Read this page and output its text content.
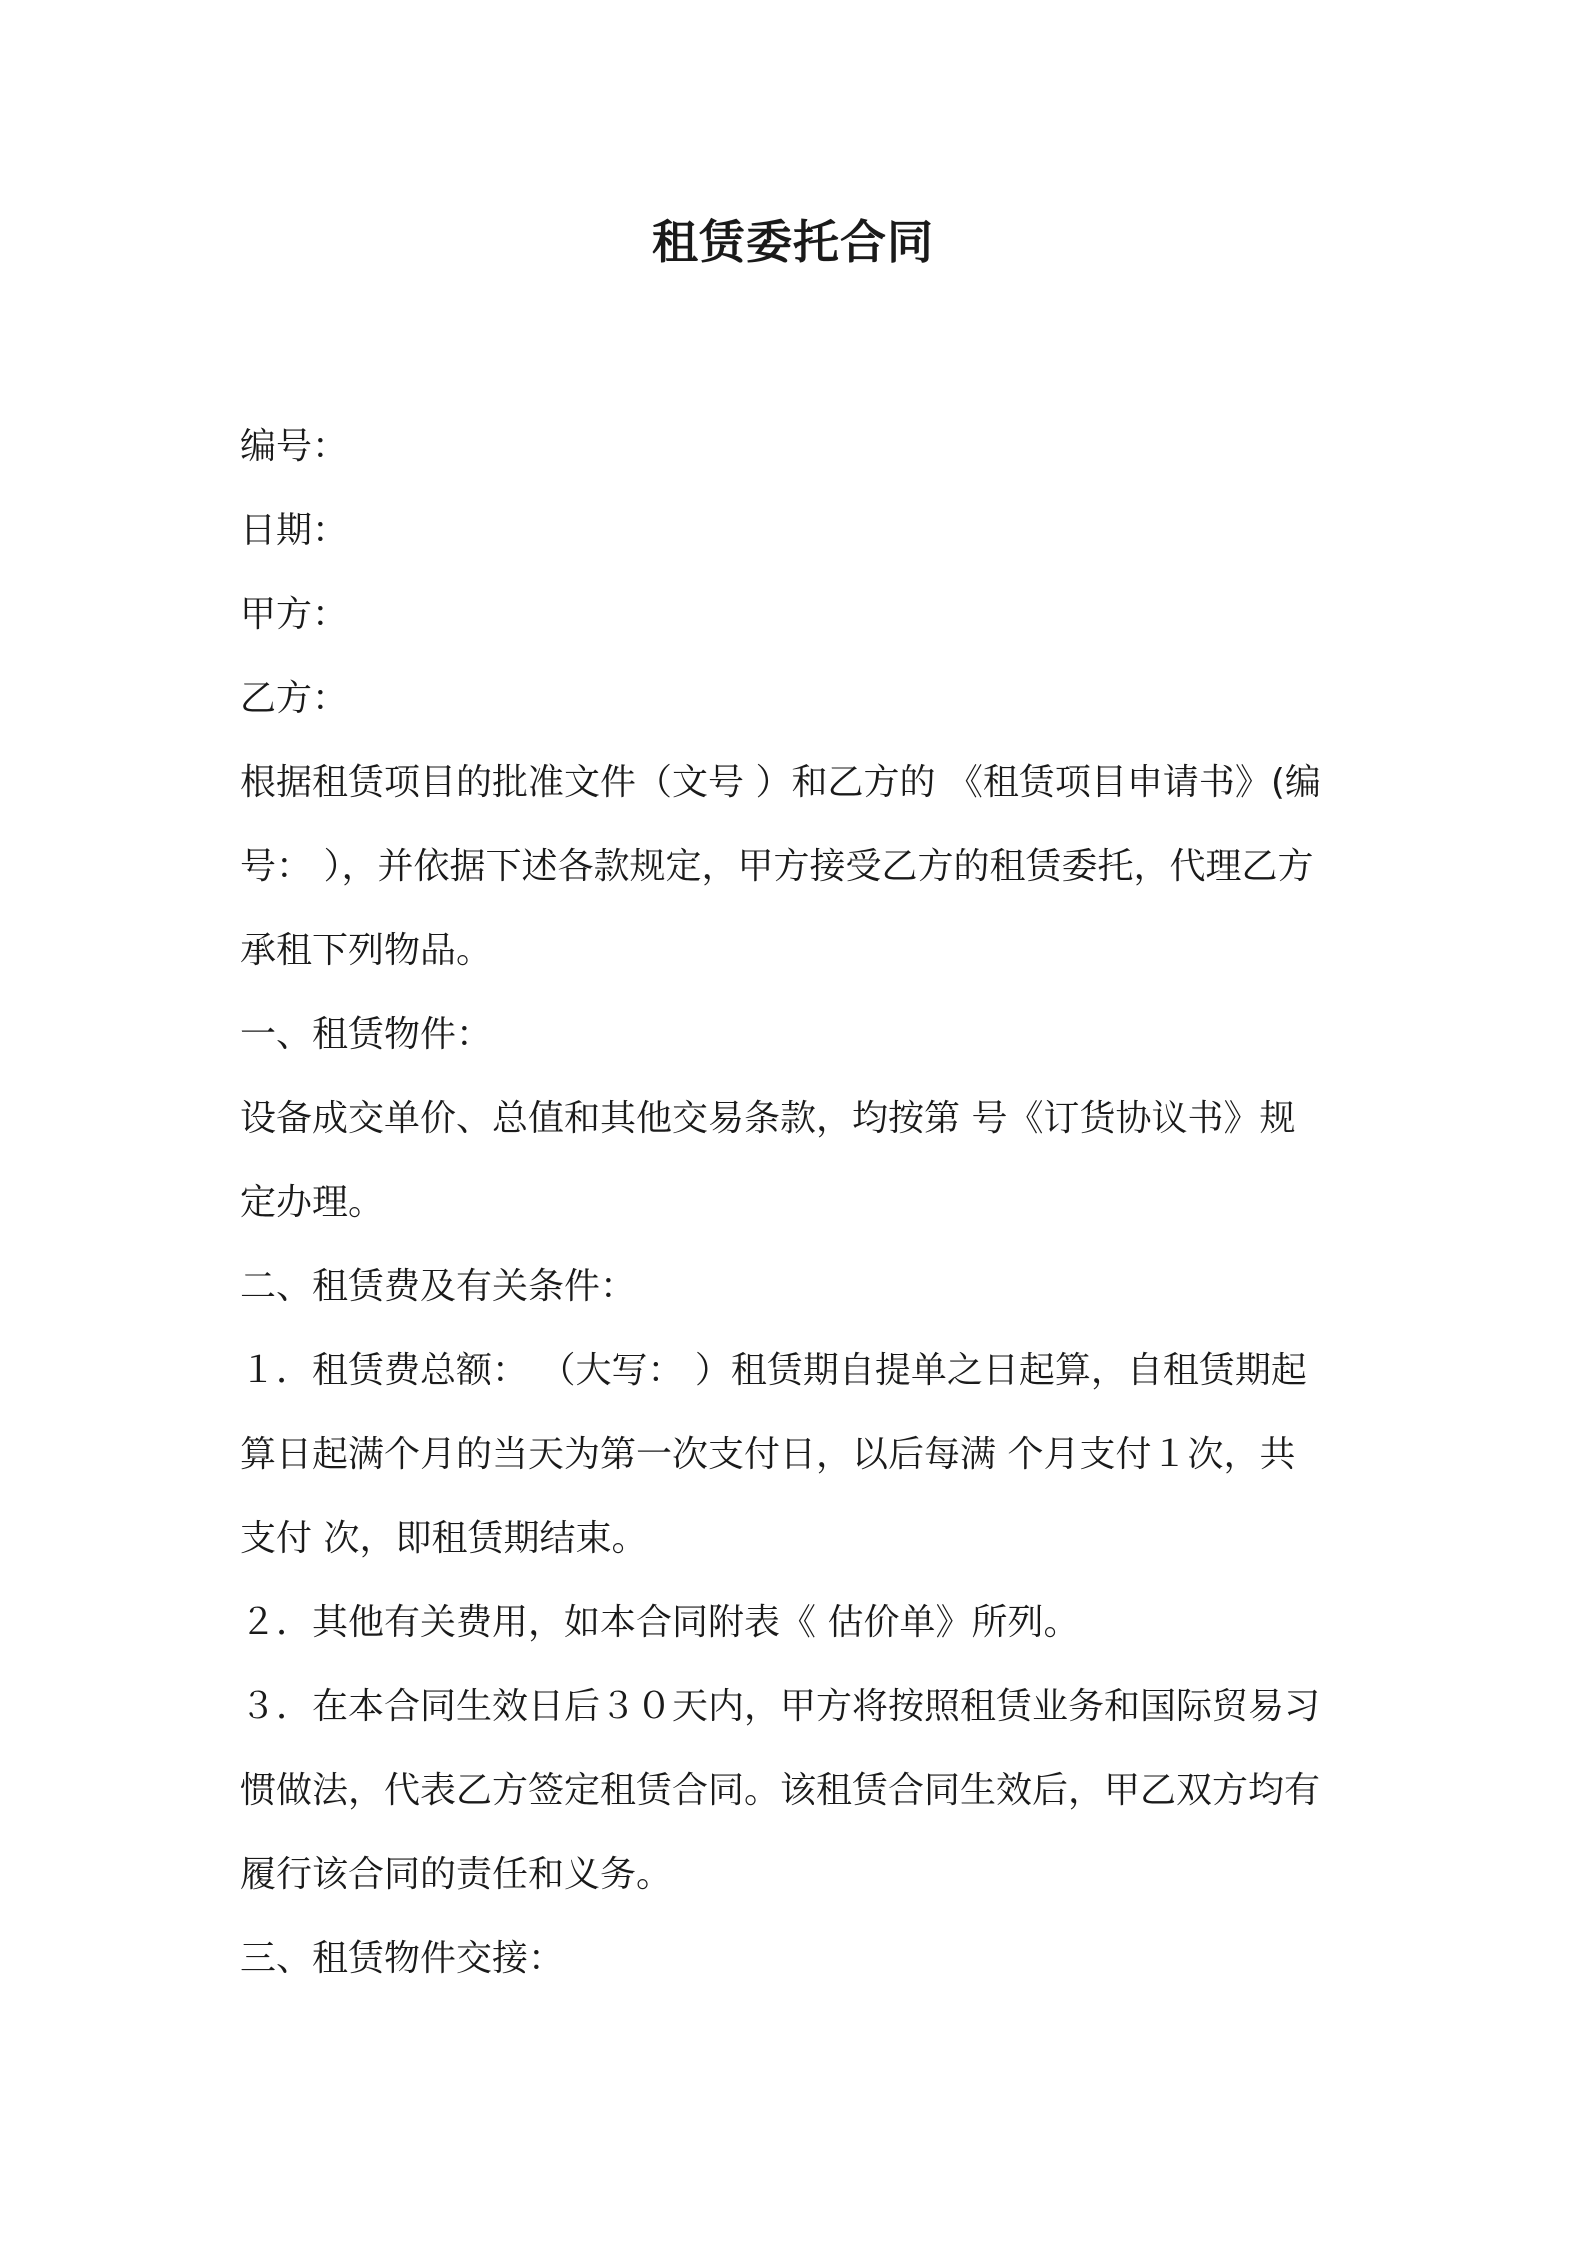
租赁委托合同

编号：

日期：

甲方：

乙方：

根据租赁项目的批准文件（文号 ）和乙方的 《租赁项目申请书》(编

号： ），并依据下述各款规定，甲方接受乙方的租赁委托，代理乙方

承租下列物品。

一、租赁物件：

设备成交单价、总值和其他交易条款，均按第 号《订货协议书》规

定办理。

二、租赁费及有关条件：

１．租赁费总额： （大写： ）租赁期自提单之日起算，自租赁期起

算日起满个月的当天为第一次支付日，以后每满 个月支付１次，共

支付 次，即租赁期结束。

２．其他有关费用，如本合同附表《 估价单》所列。

３．在本合同生效日后３０天内，甲方将按照租赁业务和国际贸易习

惯做法，代表乙方签定租赁合同。该租赁合同生效后，甲乙双方均有

履行该合同的责任和义务。

三、租赁物件交接：
